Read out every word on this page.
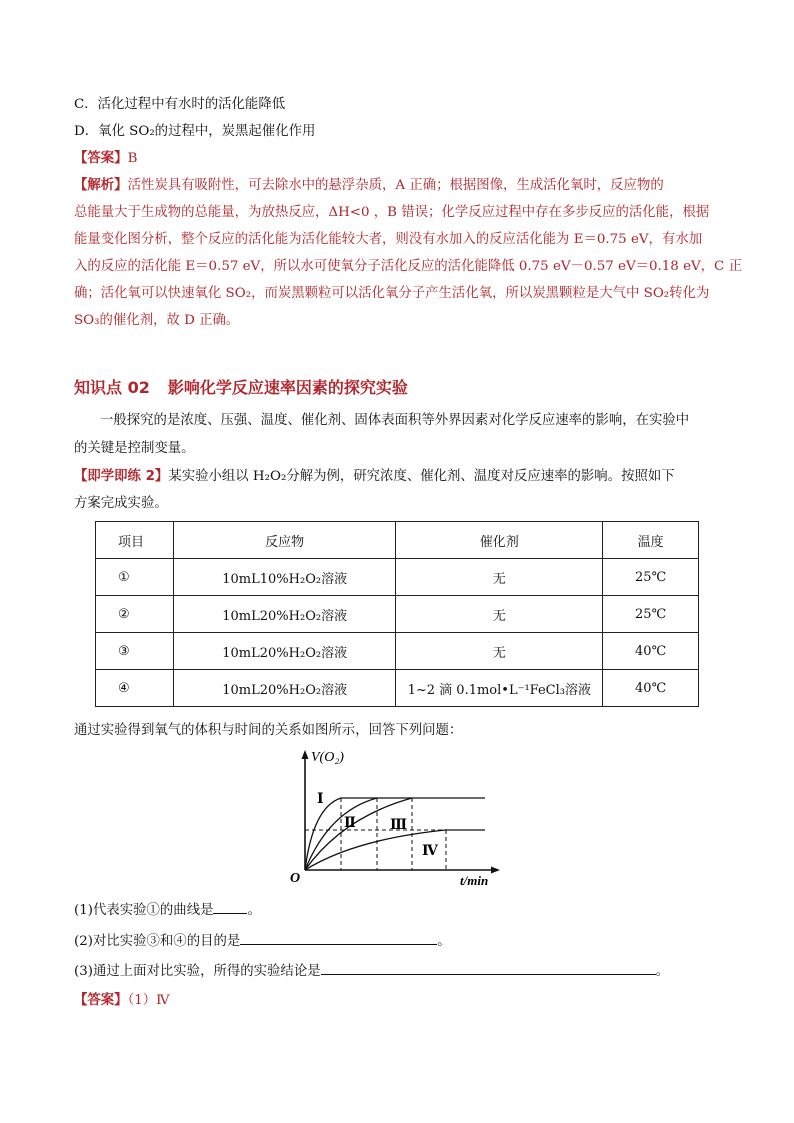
C．活化过程中有水时的活化能降低
D．氧化 SO₂的过程中，炭黑起催化作用
【答案】B
【解析】活性炭具有吸附性，可去除水中的悬浮杂质，A 正确；根据图像，生成活化氧时，反应物的
总能量大于生成物的总能量，为放热反应，ΔH<0 ，B 错误；化学反应过程中存在多步反应的活化能，根据
能量变化图分析，整个反应的活化能为活化能较大者，则没有水加入的反应活化能为 E＝0.75 eV，有水加
入的反应的活化能 E＝0.57 eV，所以水可使氧分子活化反应的活化能降低 0.75 eV－0.57 eV＝0.18 eV，C 正
确；活化氧可以快速氧化 SO₂，而炭黑颗粒可以活化氧分子产生活化氧，所以炭黑颗粒是大气中 SO₂转化为
SO₃的催化剂，故 D 正确。
知识点 02 影响化学反应速率因素的探究实验
一般探究的是浓度、压强、温度、催化剂、固体表面积等外界因素对化学反应速率的影响，在实验中
的关键是控制变量。
【即学即练 2】某实验小组以 H₂O₂分解为例，研究浓度、催化剂、温度对反应速率的影响。按照如下
方案完成实验。
项目	反应物	催化剂	温度
①	10mL10%H₂O₂溶液	无	25℃
②	10mL20%H₂O₂溶液	无	25℃
③	10mL20%H₂O₂溶液	无	40℃
④	10mL20%H₂O₂溶液	1~2 滴 0.1mol•L⁻¹FeCl₃溶液	40℃
通过实验得到氧气的体积与时间的关系如图所示，回答下列问题：
V(O₂)
t/min
O
Ⅰ
Ⅱ Ⅲ
Ⅳ
(1)代表实验①的曲线是	。
(2)对比实验③和④的目的是	。
(3)通过上面对比实验，所得的实验结论是	。
【答案】（1）Ⅳ
